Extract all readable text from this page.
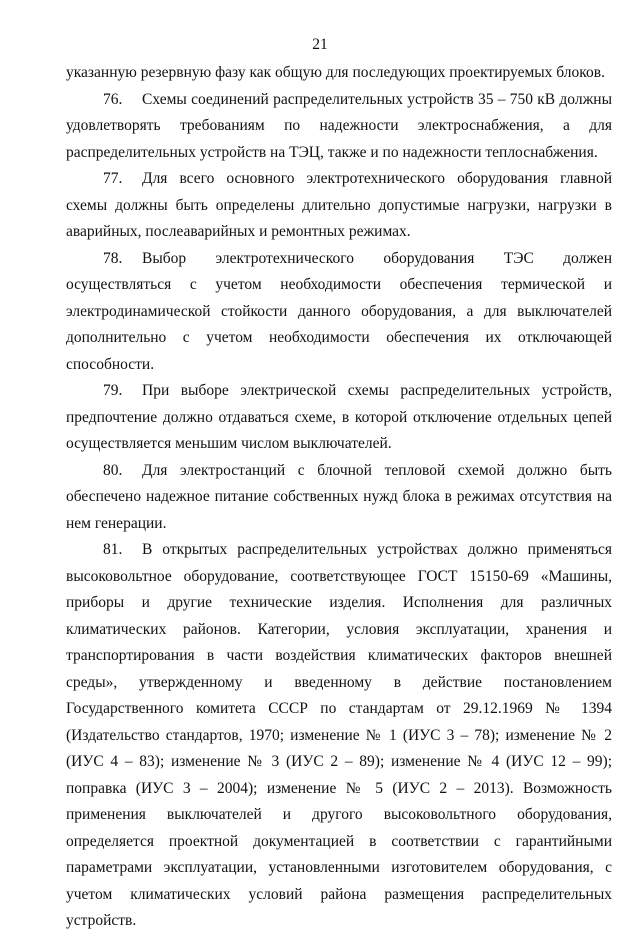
21

указанную резервную фазу как общую для последующих проектируемых блоков.

76. Схемы соединений распределительных устройств 35 – 750 кВ должны удовлетворять требованиям по надежности электроснабжения, а для распределительных устройств на ТЭЦ, также и по надежности теплоснабжения.

77. Для всего основного электротехнического оборудования главной схемы должны быть определены длительно допустимые нагрузки, нагрузки в аварийных, послеаварийных и ремонтных режимах.

78. Выбор электротехнического оборудования ТЭС должен осуществляться с учетом необходимости обеспечения термической и электродинамической стойкости данного оборудования, а для выключателей дополнительно с учетом необходимости обеспечения их отключающей способности.

79. При выборе электрической схемы распределительных устройств, предпочтение должно отдаваться схеме, в которой отключение отдельных цепей осуществляется меньшим числом выключателей.

80. Для электростанций с блочной тепловой схемой должно быть обеспечено надежное питание собственных нужд блока в режимах отсутствия на нем генерации.

81. В открытых распределительных устройствах должно применяться высоковольтное оборудование, соответствующее ГОСТ 15150-69 «Машины, приборы и другие технические изделия. Исполнения для различных климатических районов. Категории, условия эксплуатации, хранения и транспортирования в части воздействия климатических факторов внешней среды», утвержденному и введенному в действие постановлением Государственного комитета СССР по стандартам от 29.12.1969 № 1394 (Издательство стандартов, 1970; изменение № 1 (ИУС 3 – 78); изменение № 2 (ИУС 4 – 83); изменение № 3 (ИУС 2 – 89); изменение № 4 (ИУС 12 – 99); поправка (ИУС 3 – 2004); изменение № 5 (ИУС 2 – 2013). Возможность применения выключателей и другого высоковольтного оборудования, определяется проектной документацией в соответствии с гарантийными параметрами эксплуатации, установленными изготовителем оборудования, с учетом климатических условий района размещения распределительных устройств.
